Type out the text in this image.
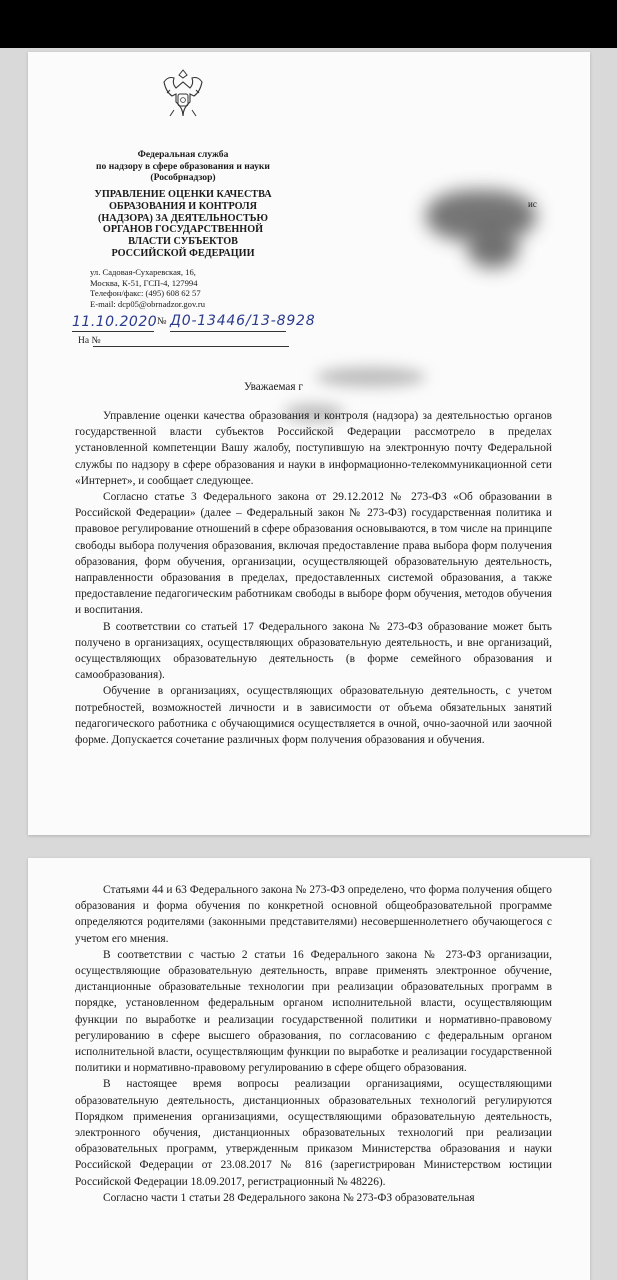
Федеральная служба
по надзору в сфере образования и науки
(Рособрнадзор)
УПРАВЛЕНИЕ ОЦЕНКИ КАЧЕСТВА
ОБРАЗОВАНИЯ И КОНТРОЛЯ
(НАДЗОРА) ЗА ДЕЯТЕЛЬНОСТЬЮ
ОРГАНОВ ГОСУДАРСТВЕННОЙ
ВЛАСТИ СУБЪЕКТОВ
РОССИЙСКОЙ ФЕДЕРАЦИИ
ул. Садовая-Сухаревская, 16,
Москва, К-51, ГСП-4, 127994
Телефон/факс: (495) 608 62 57
E-mail: dcp05@obrnadzor.gov.ru
11.10.2020 № Д0-13446/13-8928
На №
ис
Уважаемая г

Управление оценки качества образования и контроля (надзора) за деятельностью органов государственной власти субъектов Российской Федерации рассмотрело в пределах установленной компетенции Вашу жалобу, поступившую на электронную почту Федеральной службы по надзору в сфере образования и науки в информационно-телекоммуникационной сети «Интернет», и сообщает следующее.

Согласно статье 3 Федерального закона от 29.12.2012 № 273-ФЗ «Об образовании в Российской Федерации» (далее – Федеральный закон № 273-ФЗ) государственная политика и правовое регулирование отношений в сфере образования основываются, в том числе на принципе свободы выбора получения образования, включая предоставление права выбора форм получения образования, форм обучения, организации, осуществляющей образовательную деятельность, направленности образования в пределах, предоставленных системой образования, а также предоставление педагогическим работникам свободы в выборе форм обучения, методов обучения и воспитания.

В соответствии со статьей 17 Федерального закона № 273-ФЗ образование может быть получено в организациях, осуществляющих образовательную деятельность, и вне организаций, осуществляющих образовательную деятельность (в форме семейного образования и самообразования).

Обучение в организациях, осуществляющих образовательную деятельность, с учетом потребностей, возможностей личности и в зависимости от объема обязательных занятий педагогического работника с обучающимися осуществляется в очной, очно-заочной или заочной форме. Допускается сочетание различных форм получения образования и обучения.

Статьями 44 и 63 Федерального закона № 273-ФЗ определено, что форма получения общего образования и форма обучения по конкретной основной общеобразовательной программе определяются родителями (законными представителями) несовершеннолетнего обучающегося с учетом его мнения.

В соответствии с частью 2 статьи 16 Федерального закона № 273-ФЗ организации, осуществляющие образовательную деятельность, вправе применять электронное обучение, дистанционные образовательные технологии при реализации образовательных программ в порядке, установленном федеральным органом исполнительной власти, осуществляющим функции по выработке и реализации государственной политики и нормативно-правовому регулированию в сфере высшего образования, по согласованию с федеральным органом исполнительной власти, осуществляющим функции по выработке и реализации государственной политики и нормативно-правовому регулированию в сфере общего образования.

В настоящее время вопросы реализации организациями, осуществляющими образовательную деятельность, дистанционных образовательных технологий регулируются Порядком применения организациями, осуществляющими образовательную деятельность, электронного обучения, дистанционных образовательных технологий при реализации образовательных программ, утвержденным приказом Министерства образования и науки Российской Федерации от 23.08.2017 № 816 (зарегистрирован Министерством юстиции Российской Федерации 18.09.2017, регистрационный № 48226).

Согласно части 1 статьи 28 Федерального закона № 273-ФЗ образовательная
